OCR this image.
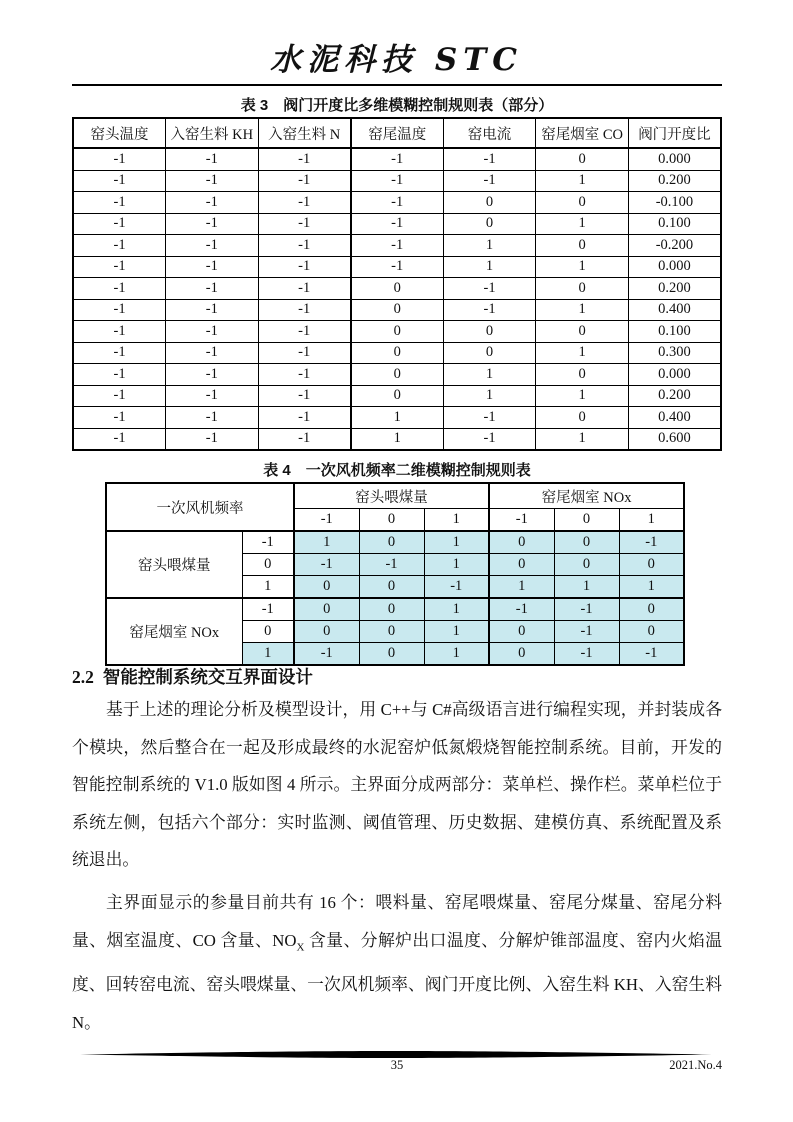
水泥科技 STC
表 3　阀门开度比多维模糊控制规则表（部分）
窑头温度	入窑生料 KH	入窑生料 N	窑尾温度	窑电流	窑尾烟室 CO	阀门开度比
-1	-1	-1	-1	-1	0	0.000
-1	-1	-1	-1	-1	1	0.200
-1	-1	-1	-1	0	0	-0.100
-1	-1	-1	-1	0	1	0.100
-1	-1	-1	-1	1	0	-0.200
-1	-1	-1	-1	1	1	0.000
-1	-1	-1	0	-1	0	0.200
-1	-1	-1	0	-1	1	0.400
-1	-1	-1	0	0	0	0.100
-1	-1	-1	0	0	1	0.300
-1	-1	-1	0	1	0	0.000
-1	-1	-1	0	1	1	0.200
-1	-1	-1	1	-1	0	0.400
-1	-1	-1	1	-1	1	0.600
表 4　一次风机频率二维模糊控制规则表
一次风机频率		窑头喂煤量			窑尾烟室 NOx		
		-1	0	1	-1	0	1
窑头喂煤量	-1	1	0	1	0	0	-1
	0	-1	-1	1	0	0	0
	1	0	0	-1	1	1	1
窑尾烟室 NOx	-1	0	0	1	-1	-1	0
	0	0	0	1	0	-1	0
	1	-1	0	1	0	-1	-1
2.2 智能控制系统交互界面设计

基于上述的理论分析及模型设计，用 C++与 C#高级语言进行编程实现，并封装成各个模块，然后整合在一起及形成最终的水泥窑炉低氮煅烧智能控制系统。目前，开发的智能控制系统的 V1.0 版如图 4 所示。主界面分成两部分：菜单栏、操作栏。菜单栏位于系统左侧，包括六个部分：实时监测、阈值管理、历史数据、建模仿真、系统配置及系统退出。

主界面显示的参量目前共有 16 个：喂料量、窑尾喂煤量、窑尾分煤量、窑尾分料量、烟室温度、CO 含量、$NO_X$ 含量、分解炉出口温度、分解炉锥部温度、窑内火焰温度、回转窑电流、窑头喂煤量、一次风机频率、阀门开度比例、入窑生料 KH、入窑生料 N。

35	2021.No.4
